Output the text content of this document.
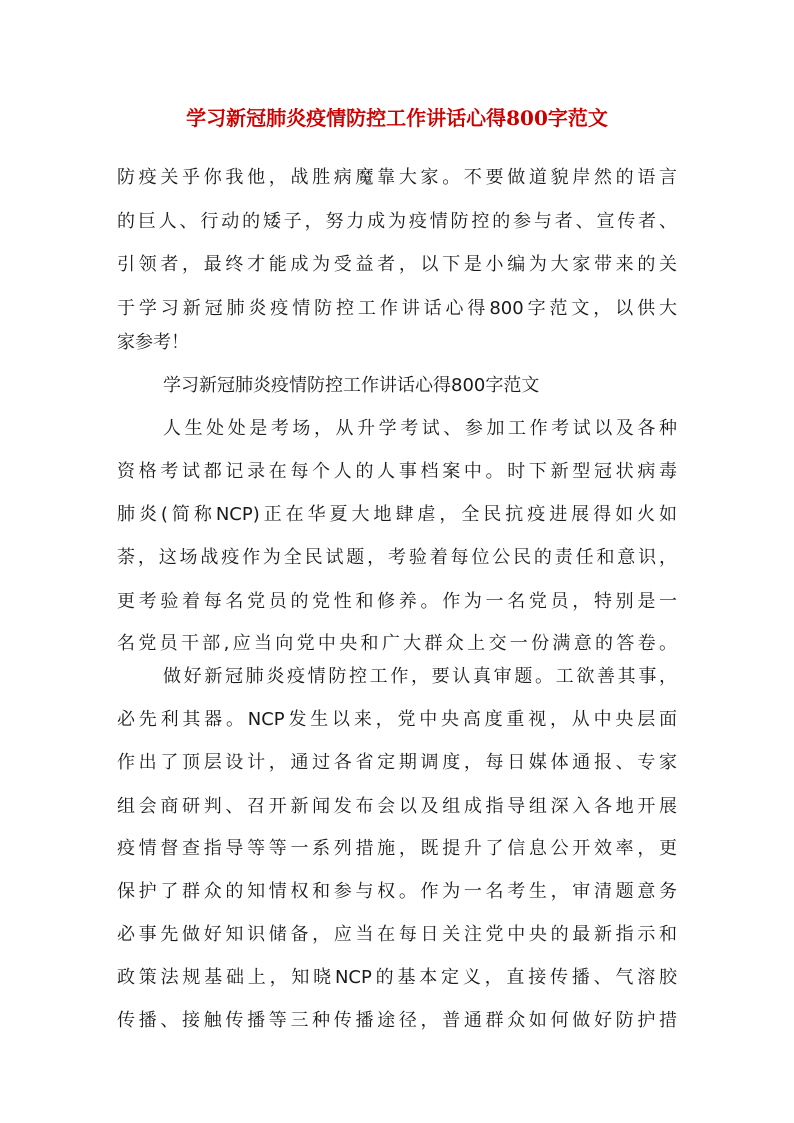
学习新冠肺炎疫情防控工作讲话心得800字范文
防疫关乎你我他，战胜病魔靠大家。不要做道貌岸然的语言
的巨人、行动的矮子，努力成为疫情防控的参与者、宣传者、
引领者，最终才能成为受益者，以下是小编为大家带来的关
于学习新冠肺炎疫情防控工作讲话心得800字范文，以供大
家参考！
学习新冠肺炎疫情防控工作讲话心得800字范文
人生处处是考场，从升学考试、参加工作考试以及各种
资格考试都记录在每个人的人事档案中。时下新型冠状病毒
肺炎(简称NCP)正在华夏大地肆虐，全民抗疫进展得如火如
荼，这场战疫作为全民试题，考验着每位公民的责任和意识，
更考验着每名党员的党性和修养。作为一名党员，特别是一
名党员干部,应当向党中央和广大群众上交一份满意的答卷。
做好新冠肺炎疫情防控工作，要认真审题。工欲善其事，
必先利其器。NCP发生以来，党中央高度重视，从中央层面
作出了顶层设计，通过各省定期调度，每日媒体通报、专家
组会商研判、召开新闻发布会以及组成指导组深入各地开展
疫情督查指导等等一系列措施，既提升了信息公开效率，更
保护了群众的知情权和参与权。作为一名考生，审清题意务
必事先做好知识储备，应当在每日关注党中央的最新指示和
政策法规基础上，知晓NCP的基本定义，直接传播、气溶胶
传播、接触传播等三种传播途径，普通群众如何做好防护措
